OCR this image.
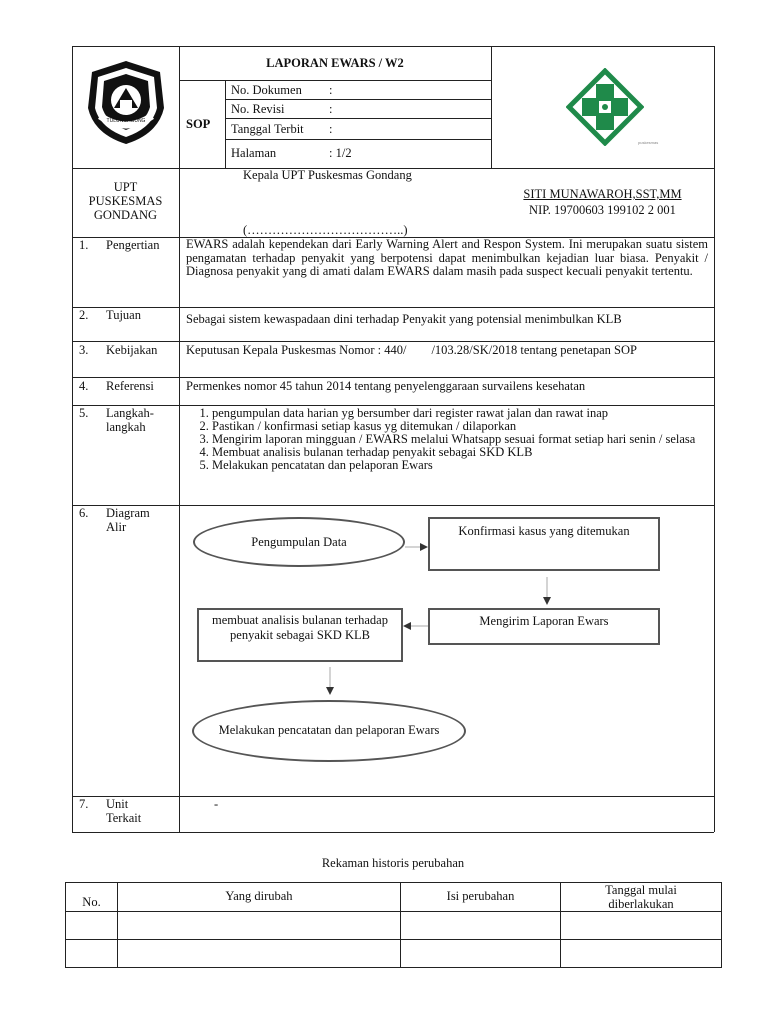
TULUNGAGUNG
LAPORAN EWARS / W2
SOP
No. Dokumen :
No. Revisi	:
Tanggal Terbit :
Halaman	: 1/2
puskesmas
UPT
PUSKESMAS
GONDANG
Kepala UPT Puskesmas Gondang
(………………………………..)
SITI MUNAWAROH,SST,MM
NIP. 19700603 199102 2 001
1. Pengertian EWARS adalah kependekan dari Early Warning Alert and Respon System. Ini merupakan suatu sistem pengamatan terhadap penyakit yang berpotensi dapat menimbulkan kejadian luar biasa. Penyakit / Diagnosa penyakit yang di amati dalam EWARS dalam masih pada suspect kecuali penyakit tertentu.
2. Tujuan	Sebagai sistem kewaspadaan dini terhadap Penyakit yang potensial menimbulkan KLB
3. Kebijakan Keputusan Kepala Puskesmas Nomor : 440/        /103.28/SK/2018 tentang penetapan SOP
4. Referensi	Permenkes nomor 45 tahun 2014 tentang penyelenggaraan survailens kesehatan
5. Langkah-
langkah
1. pengumpulan data harian yg bersumber dari register rawat jalan dan rawat inap
2. Pastikan / konfirmasi setiap kasus yg ditemukan / dilaporkan
3. Mengirim laporan mingguan / EWARS melalui Whatsapp sesuai format setiap hari senin / selasa
4. Membuat analisis bulanan terhadap penyakit sebagai SKD KLB
5. Melakukan pencatatan dan pelaporan Ewars
6. Diagram
Alir
Pengumpulan Data
Konfirmasi kasus yang ditemukan
Mengirim Laporan Ewars
membuat analisis bulanan terhadap penyakit sebagai SKD KLB
Melakukan pencatatan dan pelaporan Ewars
7. Unit
Terkait
-
Rekaman historis perubahan
No.	Yang dirubah	Isi perubahan	Tanggal mulai
diberlakukan
